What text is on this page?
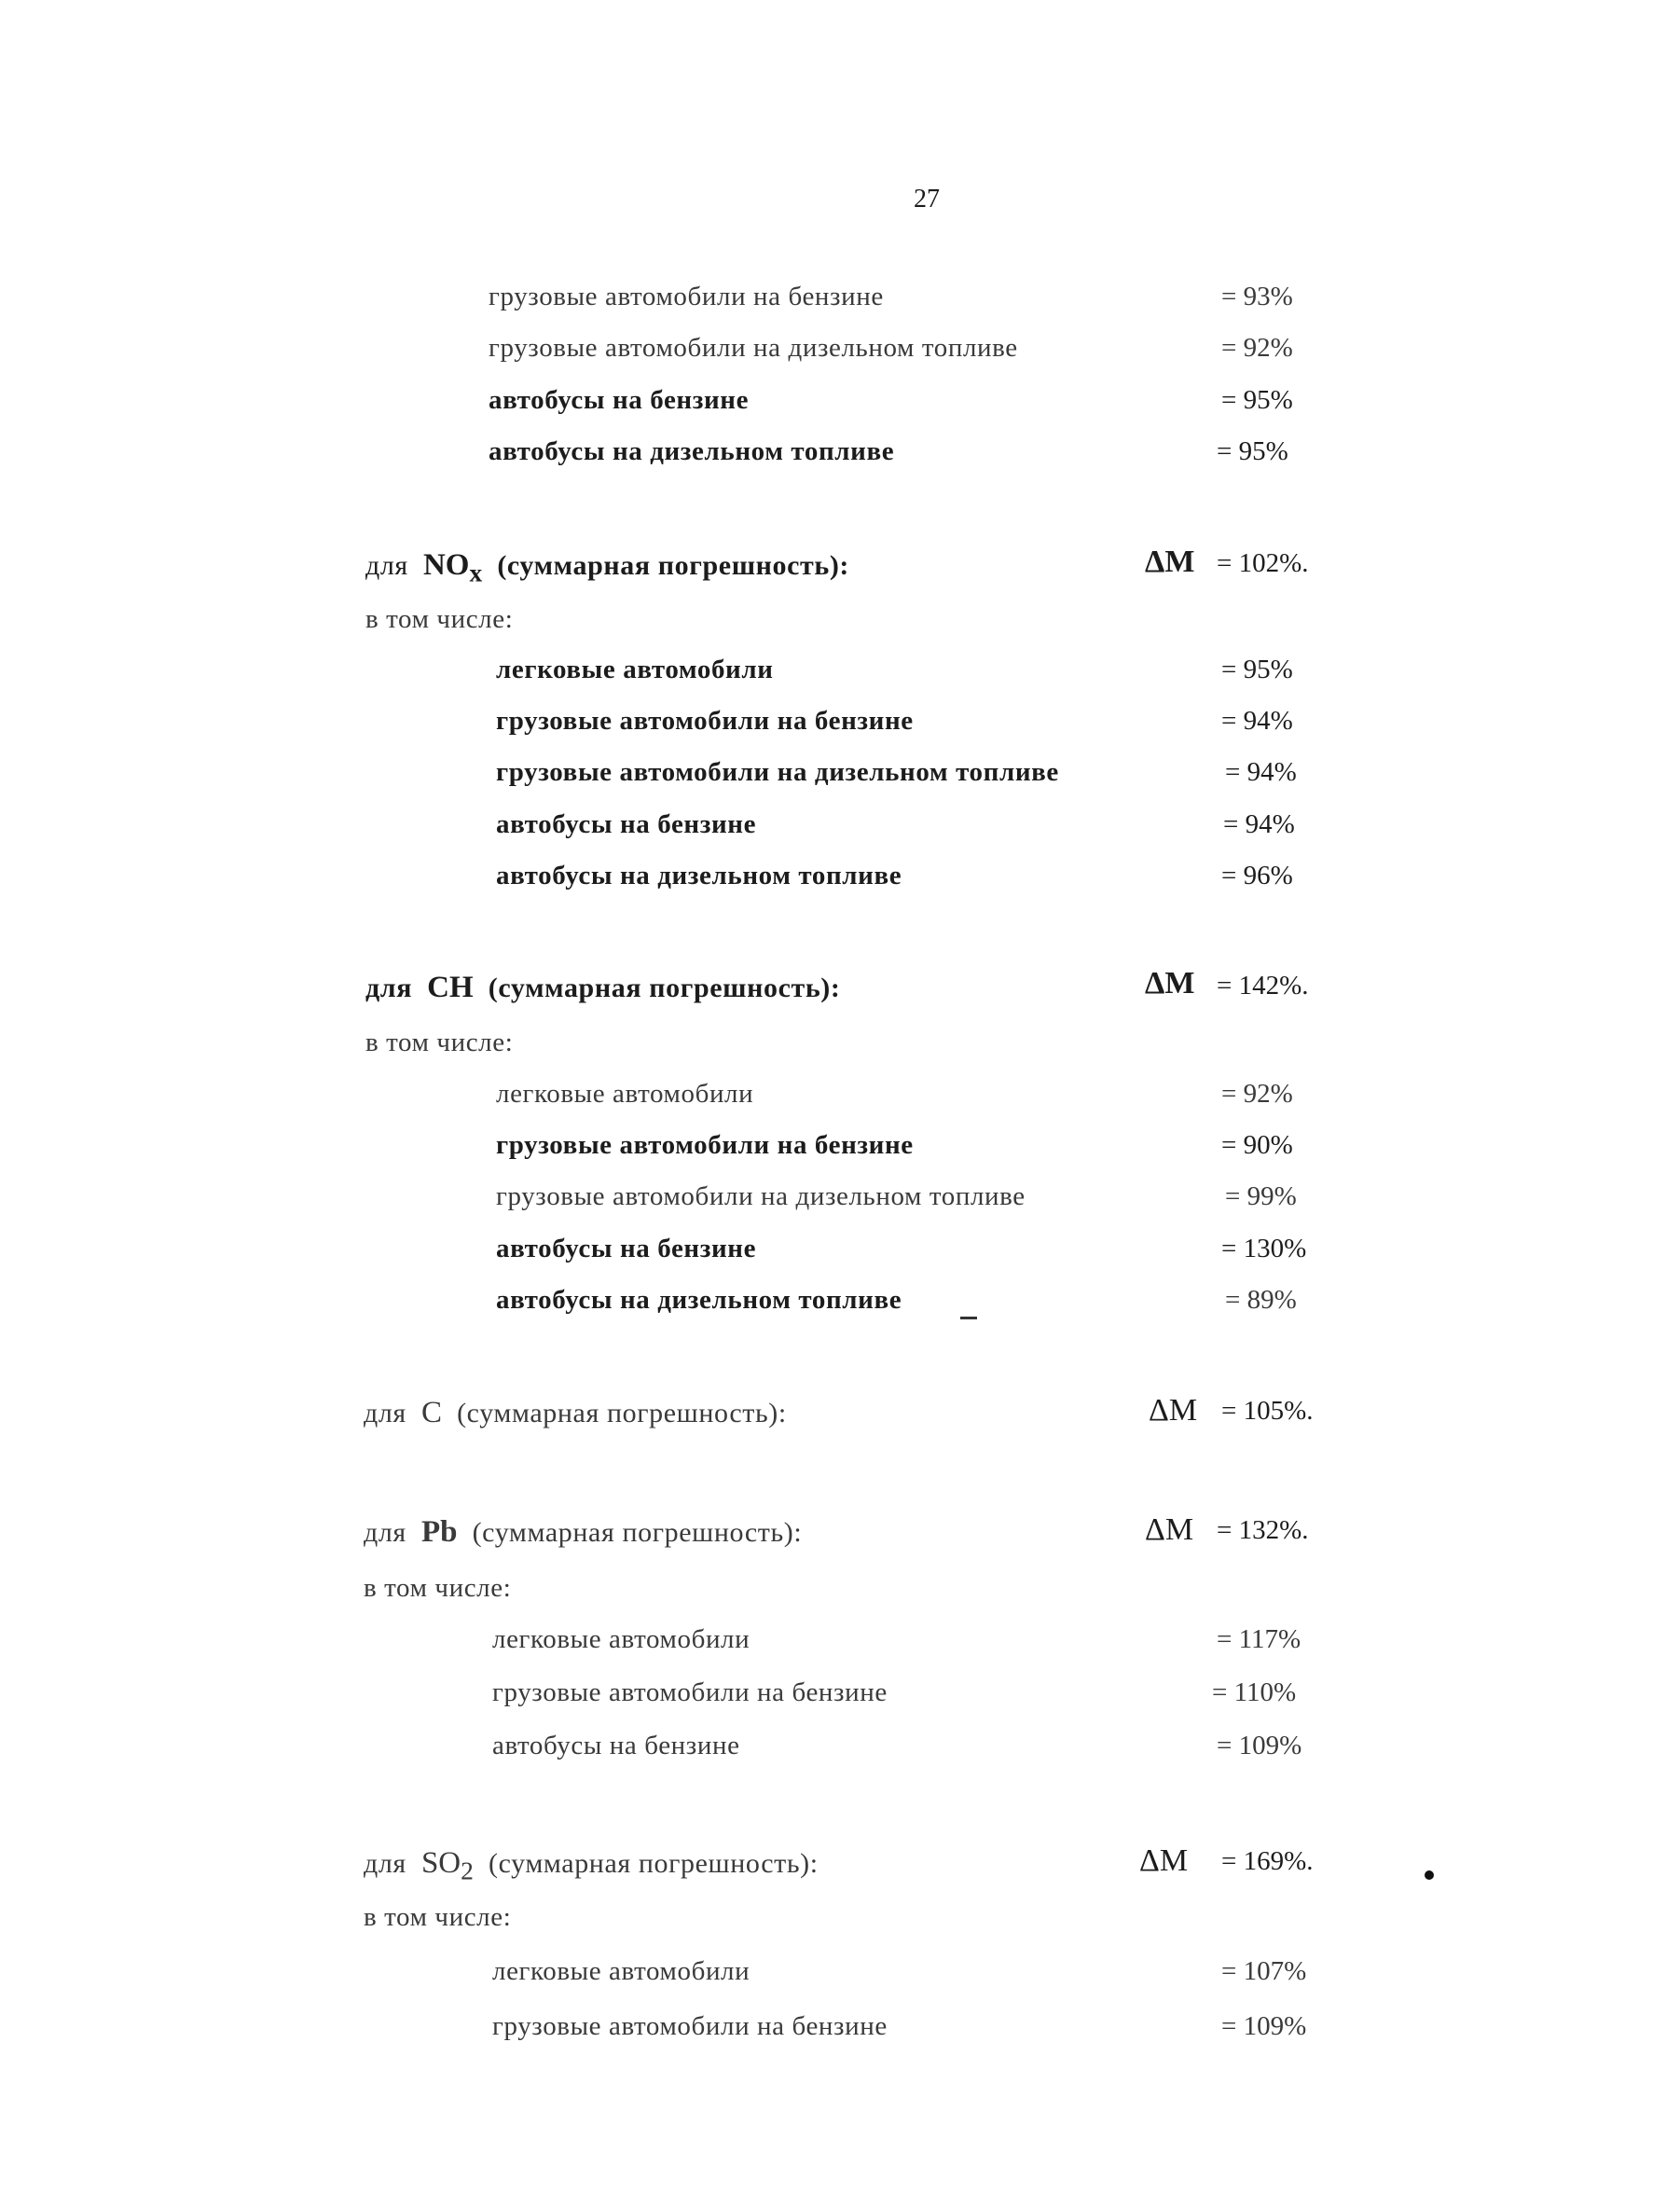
27
грузовые автомобили на бензине	= 93%
грузовые автомобили на дизельном топливе	= 92%
автобусы на бензине	= 95%
автобусы на дизельном топливе	= 95%
для $NO_x$ (суммарная погрешность):	ΔM = 102%.
в том числе:
легковые автомобили	= 95%
грузовые автомобили на бензине	= 94%
грузовые автомобили на дизельном топливе	= 94%
автобусы на бензине	= 94%
автобусы на дизельном топливе	= 96%
для CH (суммарная погрешность):	ΔM = 142%.
в том числе:
легковые автомобили	= 92%
грузовые автомобили на бензине	= 90%
грузовые автомобили на дизельном топливе	= 99%
автобусы на бензине	= 130%
автобусы на дизельном топливе	= 89%
для C (суммарная погрешность):	ΔM = 105%.
для Pb (суммарная погрешность):	ΔM = 132%.
в том числе:
легковые автомобили	= 117%
грузовые автомобили на бензине	= 110%
автобусы на бензине	= 109%
для $SO_2$ (суммарная погрешность):	ΔM = 169%.
в том числе:
легковые автомобили	= 107%
грузовые автомобили на бензине	= 109%
